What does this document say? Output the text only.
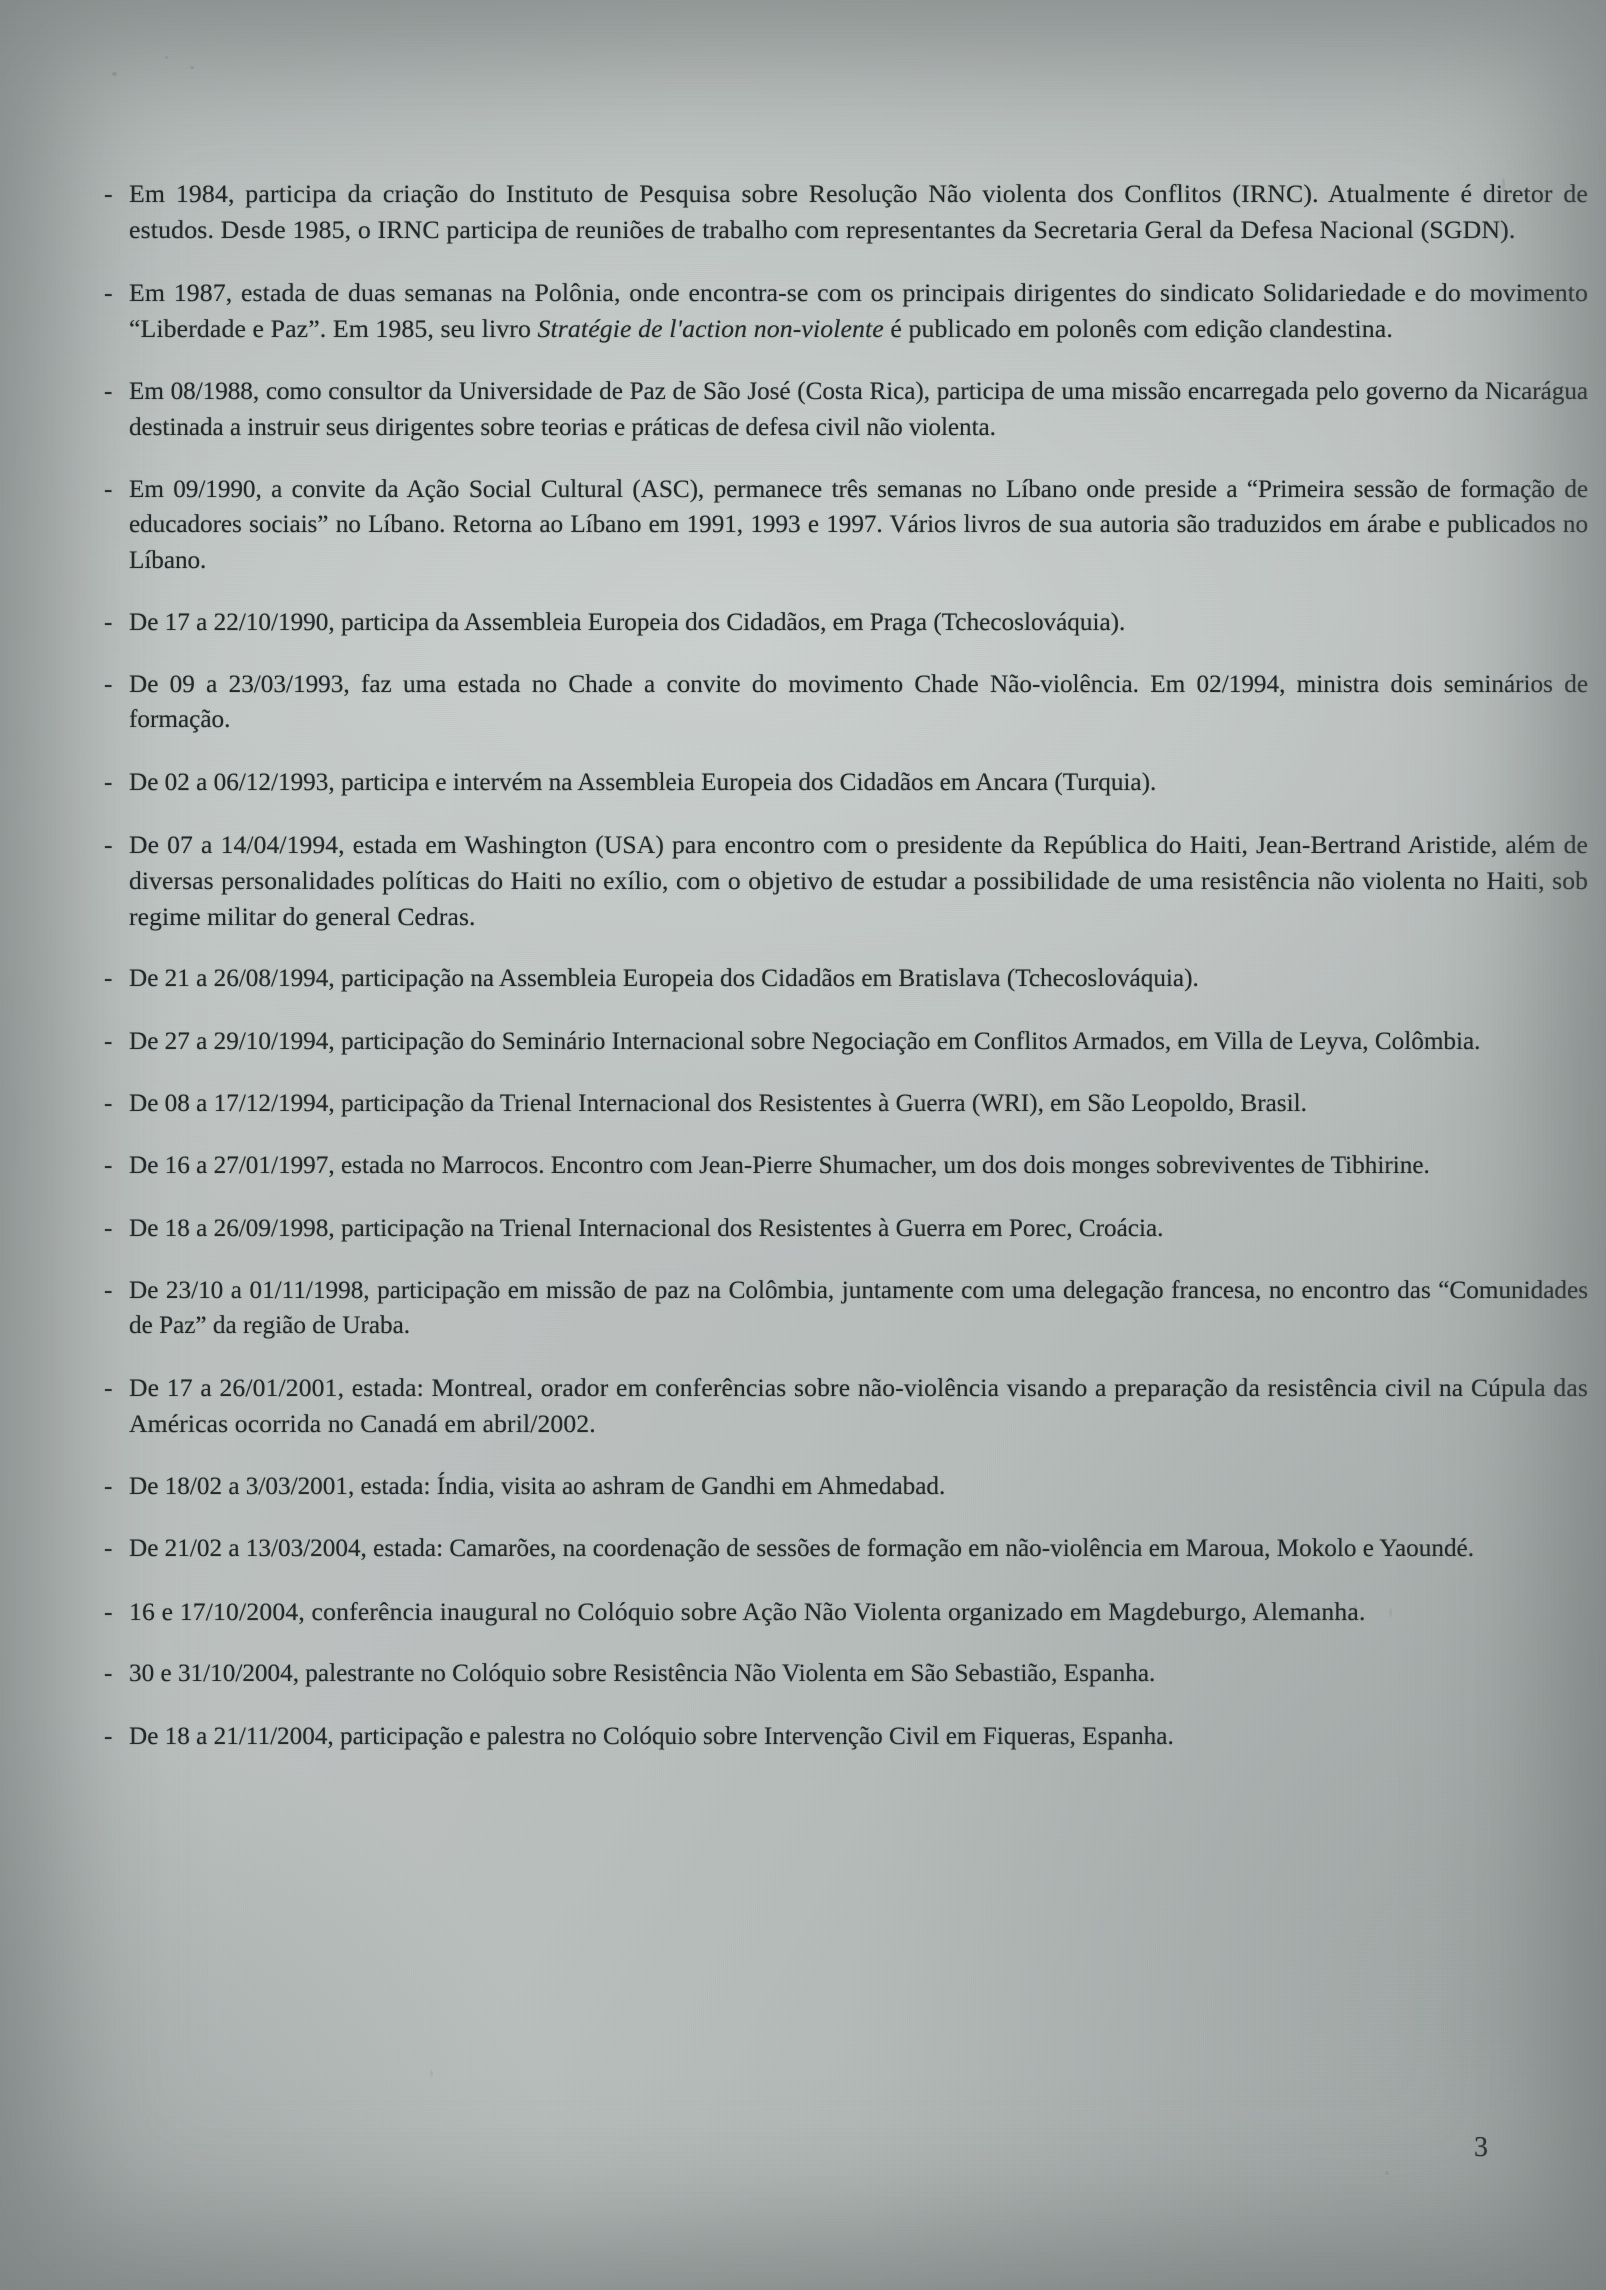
- Em 1984, participa da criação do Instituto de Pesquisa sobre Resolução Não violenta dos Conflitos (IRNC). Atualmente é diretor de estudos. Desde 1985, o IRNC participa de reuniões de trabalho com representantes da Secretaria Geral da Defesa Nacional (SGDN).
- Em 1987, estada de duas semanas na Polônia, onde encontra-se com os principais dirigentes do sindicato Solidariedade e do movimento “Liberdade e Paz”. Em 1985, seu livro Stratégie de l'action non-violente é publicado em polonês com edição clandestina.
- Em 08/1988, como consultor da Universidade de Paz de São José (Costa Rica), participa de uma missão encarregada pelo governo da Nicarágua destinada a instruir seus dirigentes sobre teorias e práticas de defesa civil não violenta.
- Em 09/1990, a convite da Ação Social Cultural (ASC), permanece três semanas no Líbano onde preside a “Primeira sessão de formação de educadores sociais” no Líbano. Retorna ao Líbano em 1991, 1993 e 1997. Vários livros de sua autoria são traduzidos em árabe e publicados no Líbano.
- De 17 a 22/10/1990, participa da Assembleia Europeia dos Cidadãos, em Praga (Tchecoslováquia).
- De 09 a 23/03/1993, faz uma estada no Chade a convite do movimento Chade Não-violência. Em 02/1994, ministra dois seminários de formação.
- De 02 a 06/12/1993, participa e intervém na Assembleia Europeia dos Cidadãos em Ancara (Turquia).
- De 07 a 14/04/1994, estada em Washington (USA) para encontro com o presidente da República do Haiti, Jean-Bertrand Aristide, além de diversas personalidades políticas do Haiti no exílio, com o objetivo de estudar a possibilidade de uma resistência não violenta no Haiti, sob regime militar do general Cedras.
- De 21 a 26/08/1994, participação na Assembleia Europeia dos Cidadãos em Bratislava (Tchecoslováquia).
- De 27 a 29/10/1994, participação do Seminário Internacional sobre Negociação em Conflitos Armados, em Villa de Leyva, Colômbia.
- De 08 a 17/12/1994, participação da Trienal Internacional dos Resistentes à Guerra (WRI), em São Leopoldo, Brasil.
- De 16 a 27/01/1997, estada no Marrocos. Encontro com Jean-Pierre Shumacher, um dos dois monges sobreviventes de Tibhirine.
- De 18 a 26/09/1998, participação na Trienal Internacional dos Resistentes à Guerra em Porec, Croácia.
- De 23/10 a 01/11/1998, participação em missão de paz na Colômbia, juntamente com uma delegação francesa, no encontro das “Comunidades de Paz” da região de Uraba.
- De 17 a 26/01/2001, estada: Montreal, orador em conferências sobre não-violência visando a preparação da resistência civil na Cúpula das Américas ocorrida no Canadá em abril/2002.
- De 18/02 a 3/03/2001, estada: Índia, visita ao ashram de Gandhi em Ahmedabad.
- De 21/02 a 13/03/2004, estada: Camarões, na coordenação de sessões de formação em não-violência em Maroua, Mokolo e Yaoundé.
- 16 e 17/10/2004, conferência inaugural no Colóquio sobre Ação Não Violenta organizado em Magdeburgo, Alemanha.
- 30 e 31/10/2004, palestrante no Colóquio sobre Resistência Não Violenta em São Sebastião, Espanha.
- De 18 a 21/11/2004, participação e palestra no Colóquio sobre Intervenção Civil em Fiqueras, Espanha.
3
